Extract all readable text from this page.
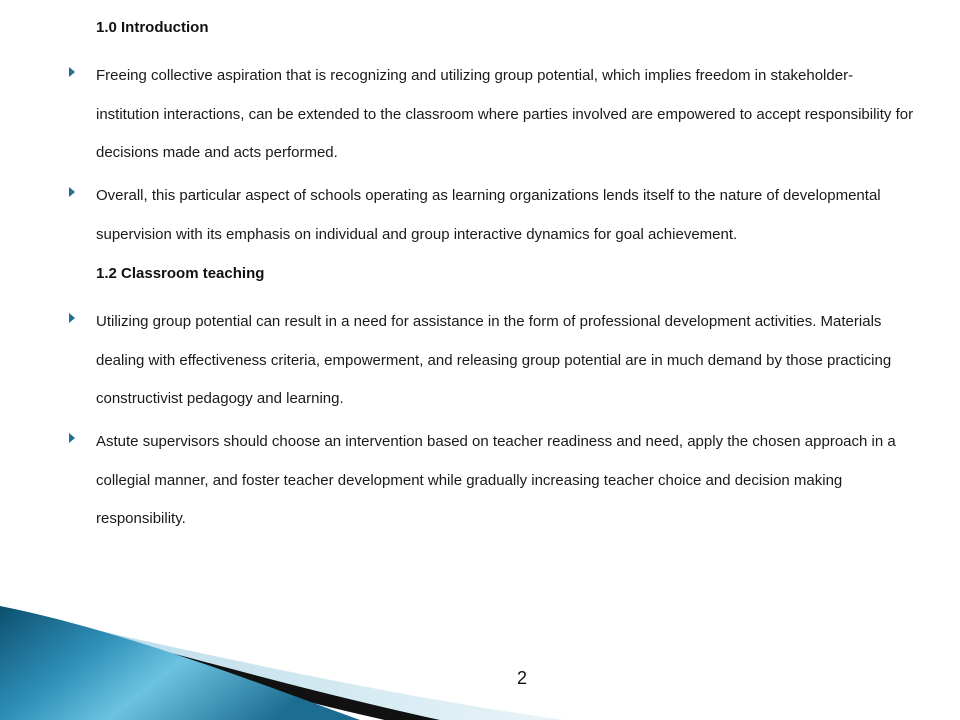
1.0 Introduction

Freeing collective aspiration that is recognizing and utilizing group potential, which implies freedom in stakeholder-institution interactions, can be extended to the classroom where parties involved are empowered to accept responsibility for decisions made and acts performed.

Overall, this particular aspect of schools operating as learning organizations lends itself to the nature of developmental supervision with its emphasis on individual and group interactive dynamics for goal achievement.

1.2 Classroom teaching

Utilizing group potential can result in a need for assistance in the form of professional development activities. Materials dealing with effectiveness criteria, empowerment, and releasing group potential are in much demand by those practicing constructivist pedagogy and learning.

Astute supervisors should choose an intervention based on teacher readiness and need, apply the chosen approach in a collegial manner, and foster teacher development while gradually increasing teacher choice and decision making responsibility.

2
